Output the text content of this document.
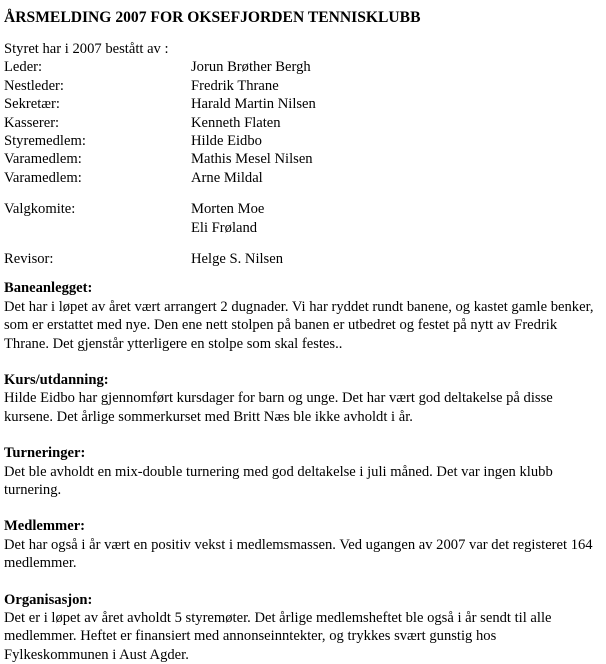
ÅRSMELDING 2007 FOR OKSEFJORDEN TENNISKLUBB

Styret har i 2007 bestått av :

Leder:	Jorun Brøther Bergh
Nestleder:	Fredrik Thrane
Sekretær:	Harald Martin Nilsen
Kasserer:	Kenneth Flaten
Styremedlem:	Hilde Eidbo
Varamedlem:	Mathis Mesel Nilsen
Varamedlem:	Arne Mildal
Valgkomite:	Morten Moe
Eli Frøland
Revisor:	Helge S. Nilsen
Baneanlegget:

Det har i løpet av året vært arrangert 2 dugnader. Vi har ryddet rundt banene, og kastet gamle benker, som er erstattet med nye. Den ene nett stolpen på banen er utbedret og festet på nytt av Fredrik Thrane. Det gjenstår ytterligere en stolpe som skal festes..

Kurs/utdanning:

Hilde Eidbo har gjennomført kursdager for barn og unge. Det har vært god deltakelse på disse kursene. Det årlige sommerkurset med Britt Næs ble ikke avholdt i år.

Turneringer:

Det ble avholdt en mix-double turnering med god deltakelse i juli måned. Det var ingen klubb turnering.

Medlemmer:

Det har også i år vært en positiv vekst i medlemsmassen. Ved ugangen av 2007 var det registeret 164 medlemmer.

Organisasjon:

Det er i løpet av året avholdt 5 styremøter. Det årlige medlemsheftet ble også i år sendt til alle medlemmer. Heftet er finansiert med annonseinntekter, og trykkes svært gunstig hos Fylkeskommunen i Aust Agder.
